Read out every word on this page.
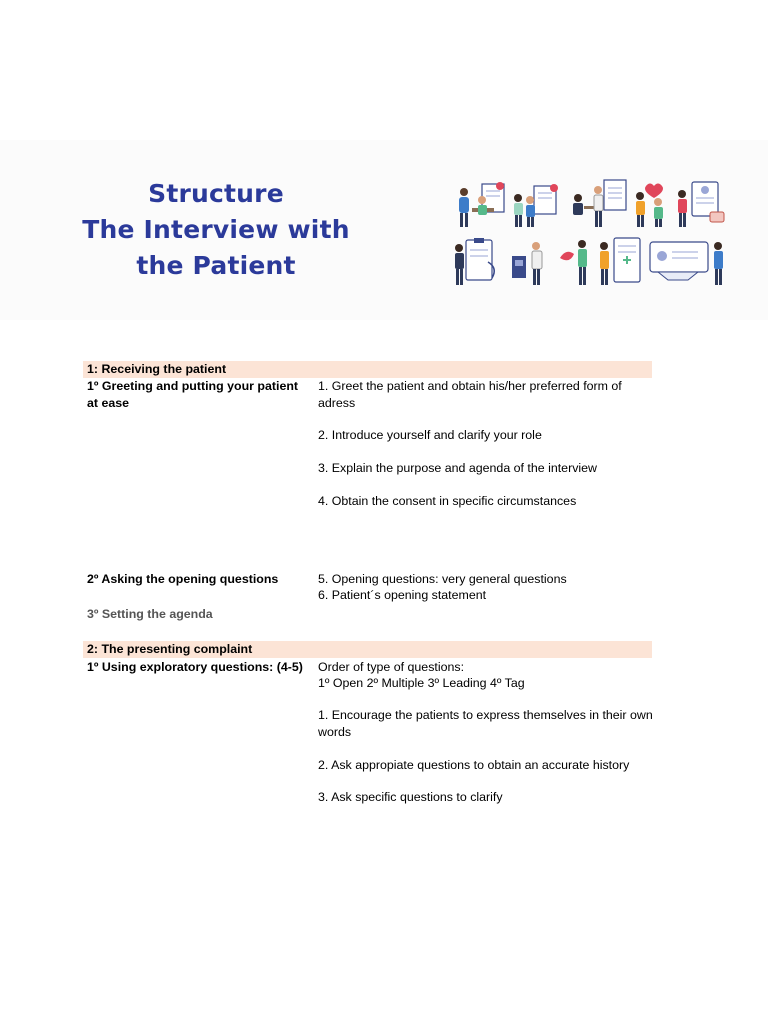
Structure
The Interview with
the Patient
1: Receiving the patient
1º Greeting and putting your patient at ease
1. Greet the patient and obtain his/her preferred form of adress
2. Introduce yourself and clarify your role
3. Explain the purpose and agenda of the interview
4. Obtain the consent in specific circumstances
2º Asking the opening questions	5. Opening questions: very general questions
6. Patient´s opening statement
3º Setting the agenda
2: The presenting complaint
1º Using exploratory questions: (4-5)	Order of type of questions:
1º Open 2º Multiple 3º Leading 4º Tag
1. Encourage the patients to express themselves in their own words
2. Ask appropiate questions to obtain an accurate history
3. Ask specific questions to clarify
